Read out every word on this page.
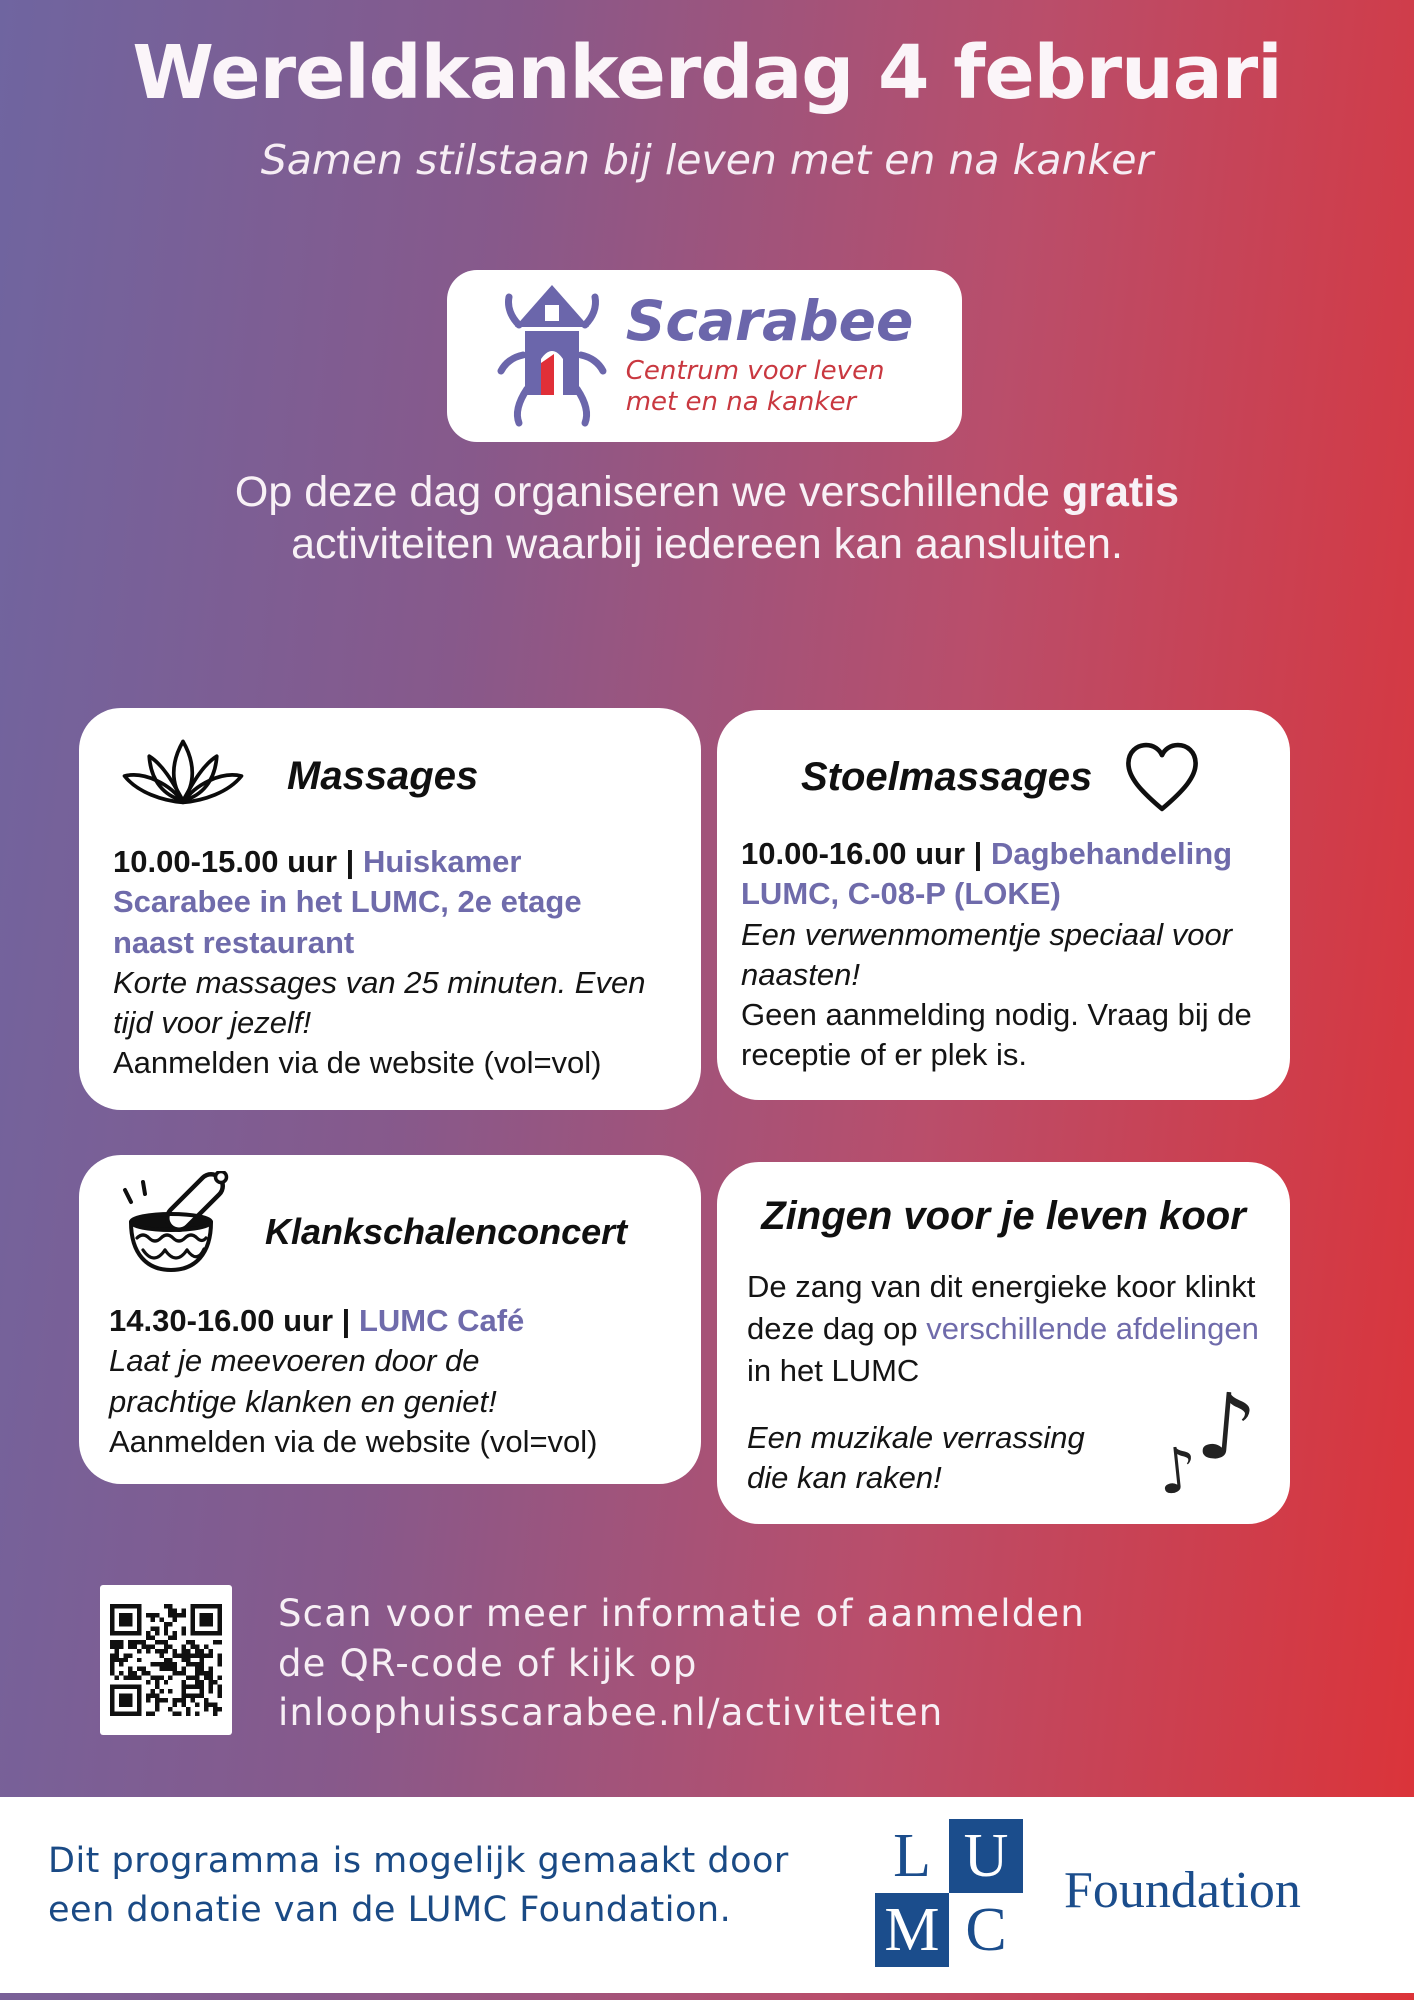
Wereldkankerdag 4 februari

Samen stilstaan bij leven met en na kanker

Scarabee
Centrum voor leven
met en na kanker

Op deze dag organiseren we verschillende gratis
activiteiten waarbij iedereen kan aansluiten.

Massages

10.00-15.00 uur | Huiskamer Scarabee in het LUMC, 2e etage naast restaurant

Korte massages van 25 minuten. Even tijd voor jezelf!

Aanmelden via de website (vol=vol)

Stoelmassages

10.00-16.00 uur | Dagbehandeling LUMC, C-08-P (LOKE)

Een verwenmomentje speciaal voor naasten!

Geen aanmelding nodig. Vraag bij de receptie of er plek is.

Klankschalenconcert

14.30-16.00 uur | LUMC Café

Laat je meevoeren door de prachtige klanken en geniet!

Aanmelden via de website (vol=vol)

Zingen voor je leven koor

De zang van dit energieke koor klinkt deze dag op verschillende afdelingen in het LUMC

Een muzikale verrassing die kan raken!	♪
♪
Scan voor meer informatie of aanmelden
de QR-code of kijk op
inloophuisscarabee.nl/activiteiten
Dit programma is mogelijk gemaakt door
een donatie van de LUMC Foundation.
L U
M C
Foundation
